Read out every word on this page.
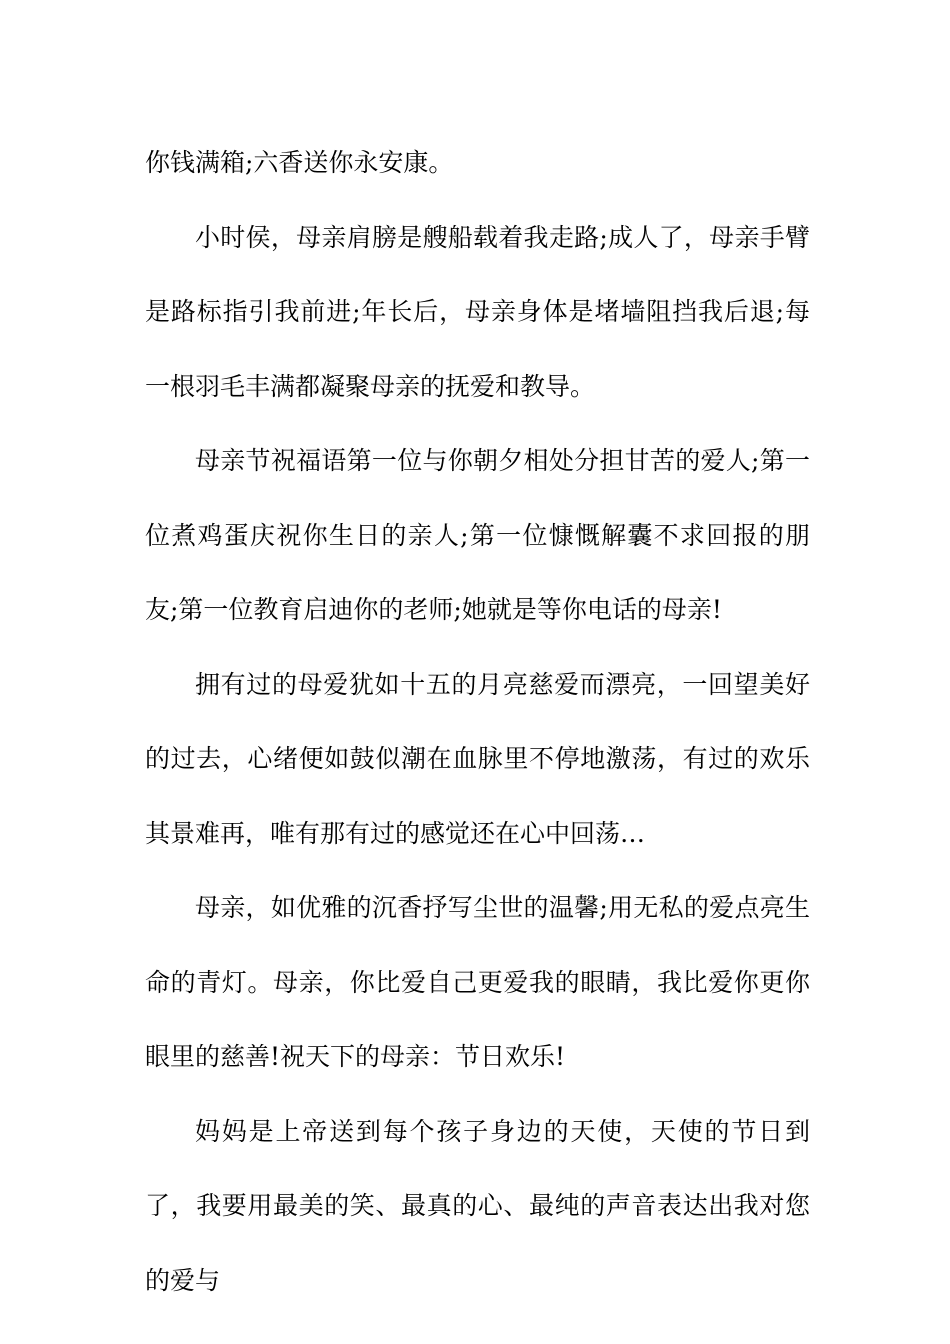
你钱满箱;六香送你永安康。

小时侯，母亲肩膀是艘船载着我走路;成人了，母亲手臂是路标指引我前进;年长后，母亲身体是堵墙阻挡我后退;每一根羽毛丰满都凝聚母亲的抚爱和教导。

母亲节祝福语第一位与你朝夕相处分担甘苦的爱人;第一位煮鸡蛋庆祝你生日的亲人;第一位慷慨解囊不求回报的朋友;第一位教育启迪你的老师;她就是等你电话的母亲!

拥有过的母爱犹如十五的月亮慈爱而漂亮，一回望美好的过去，心绪便如鼓似潮在血脉里不停地激荡，有过的欢乐其景难再，唯有那有过的感觉还在心中回荡…

母亲，如优雅的沉香抒写尘世的温馨;用无私的爱点亮生命的青灯。母亲，你比爱自己更爱我的眼睛，我比爱你更你眼里的慈善!祝天下的母亲：节日欢乐!

妈妈是上帝送到每个孩子身边的天使，天使的节日到了，我要用最美的笑、最真的心、最纯的声音表达出我对您的爱与
